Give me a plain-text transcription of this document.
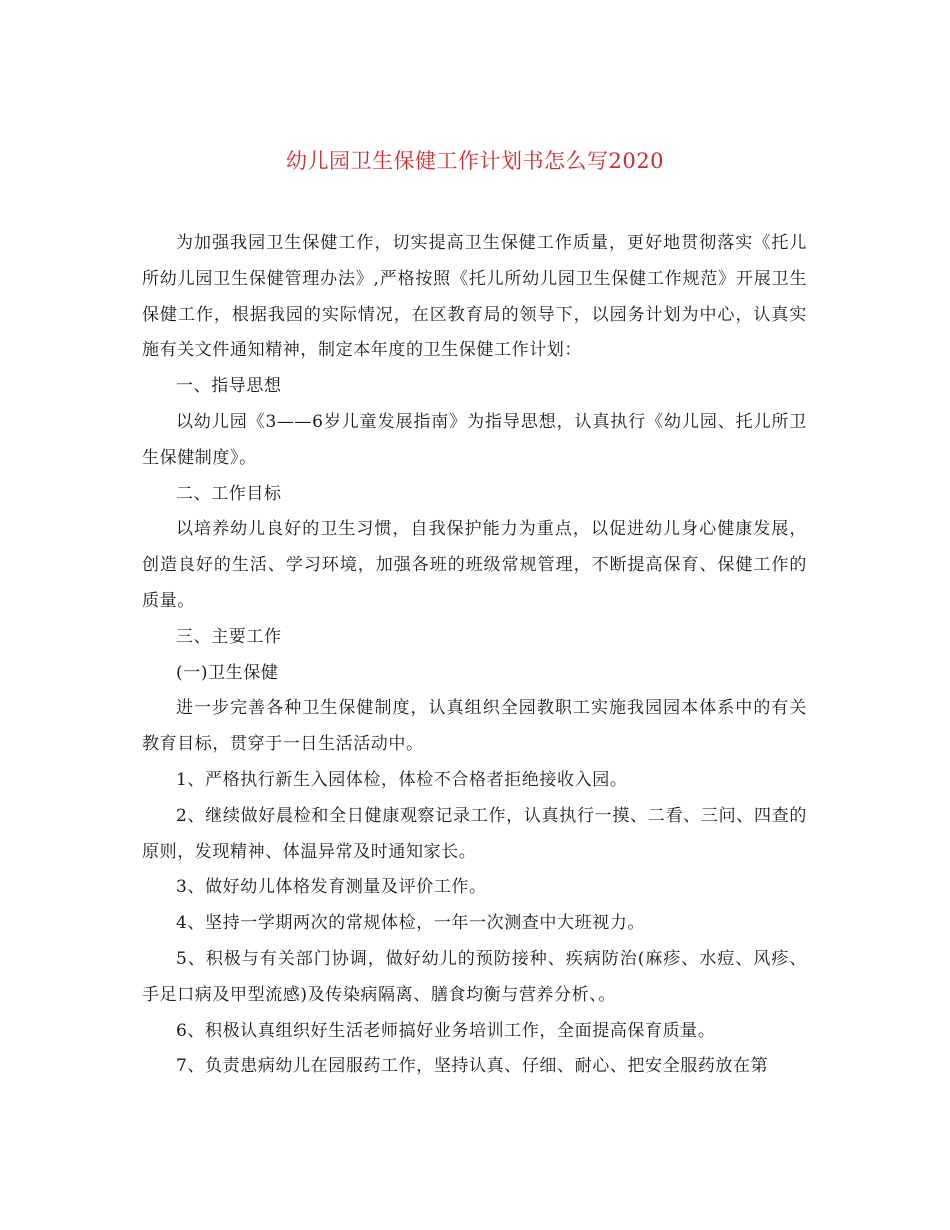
幼儿园卫生保健工作计划书怎么写2020

为加强我园卫生保健工作，切实提高卫生保健工作质量，更好地贯彻落实《托儿所幼儿园卫生保健管理办法》,严格按照《托儿所幼儿园卫生保健工作规范》开展卫生保健工作，根据我园的实际情况，在区教育局的领导下，以园务计划为中心，认真实施有关文件通知精神，制定本年度的卫生保健工作计划：

一、指导思想

以幼儿园《3——6岁儿童发展指南》为指导思想，认真执行《幼儿园、托儿所卫生保健制度》。

二、工作目标

以培养幼儿良好的卫生习惯，自我保护能力为重点，以促进幼儿身心健康发展，创造良好的生活、学习环境，加强各班的班级常规管理，不断提高保育、保健工作的质量。

三、主要工作

(一)卫生保健

进一步完善各种卫生保健制度，认真组织全园教职工实施我园园本体系中的有关教育目标，贯穿于一日生活活动中。

1、严格执行新生入园体检，体检不合格者拒绝接收入园。

2、继续做好晨检和全日健康观察记录工作，认真执行一摸、二看、三问、四查的原则，发现精神、体温异常及时通知家长。

3、做好幼儿体格发育测量及评价工作。

4、坚持一学期两次的常规体检，一年一次测查中大班视力。

5、积极与有关部门协调，做好幼儿的预防接种、疾病防治(麻疹、水痘、风疹、手足口病及甲型流感)及传染病隔离、膳食均衡与营养分析、。

6、积极认真组织好生活老师搞好业务培训工作，全面提高保育质量。

7、负责患病幼儿在园服药工作，坚持认真、仔细、耐心、把安全服药放在第
